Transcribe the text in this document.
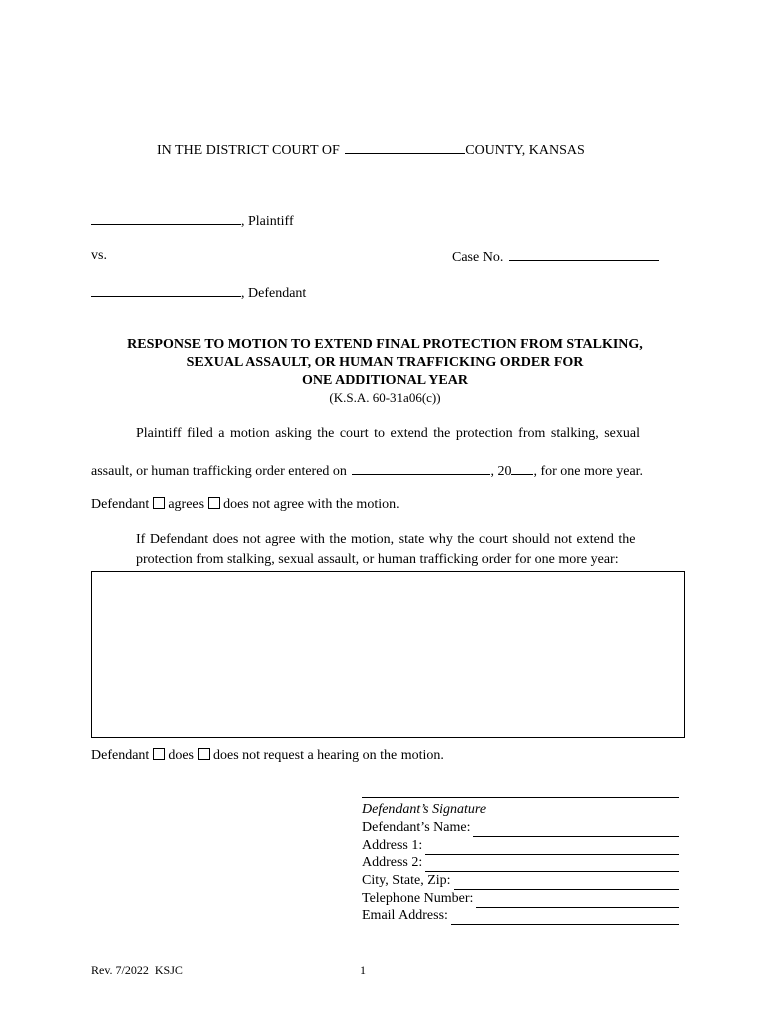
IN THE DISTRICT COURT OF	COUNTY, KANSAS
, Plaintiff
vs.	Case No.
, Defendant
RESPONSE TO MOTION TO EXTEND FINAL PROTECTION FROM STALKING,
SEXUAL ASSAULT, OR HUMAN TRAFFICKING ORDER FOR
ONE ADDITIONAL YEAR
(K.S.A. 60-31a06(c))
Plaintiff filed a motion asking the court to extend the protection from stalking, sexual
assault, or human trafficking order entered on	, 20 , for one more year.
Defendant agrees does not agree with the motion.
If Defendant does not agree with the motion, state why the court should not extend the
protection from stalking, sexual assault, or human trafficking order for one more year:
Defendant does does not request a hearing on the motion.
Defendant’s Signature
Defendant’s Name:
Address 1:
Address 2:
City, State, Zip:
Telephone Number:
Email Address:
Rev. 7/2022  KSJC	1
